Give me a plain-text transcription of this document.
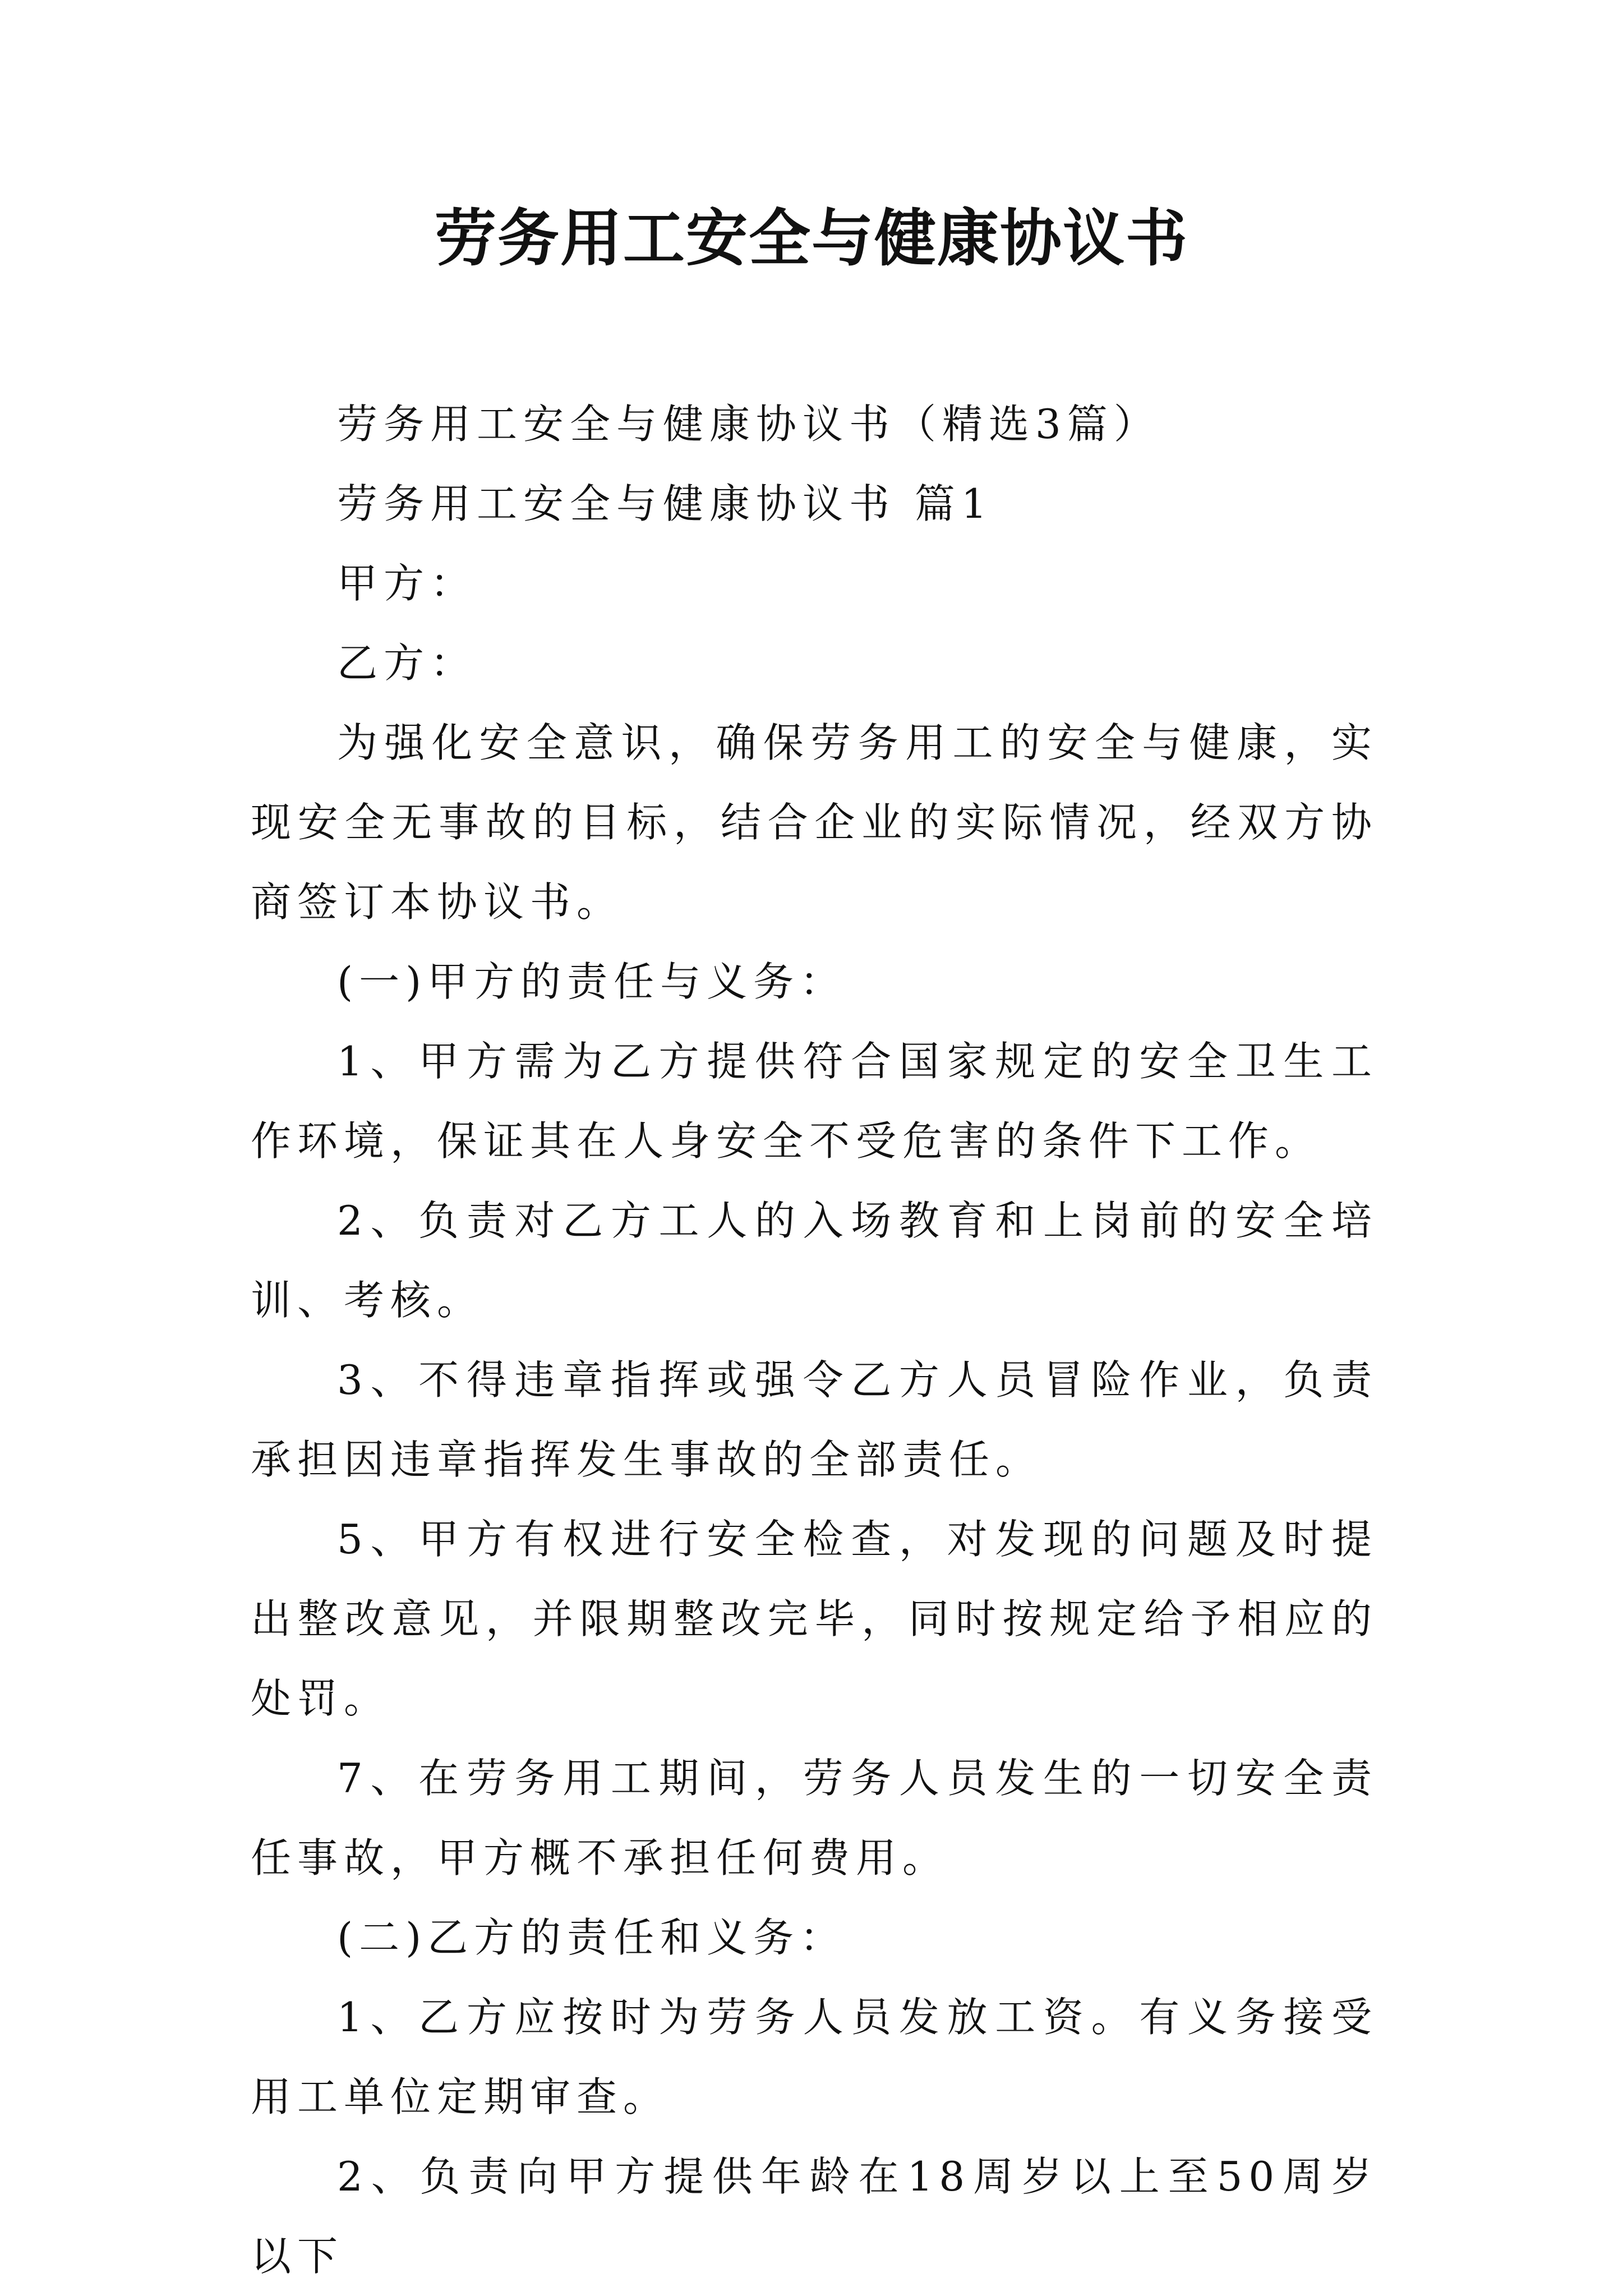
劳务用工安全与健康协议书

劳务用工安全与健康协议书（精选3篇）

劳务用工安全与健康协议书 篇1

甲方：

乙方：

为强化安全意识，确保劳务用工的安全与健康，实现安全无事故的目标，结合企业的实际情况，经双方协商签订本协议书。

(一)甲方的责任与义务：

1、甲方需为乙方提供符合国家规定的安全卫生工作环境，保证其在人身安全不受危害的条件下工作。

2、负责对乙方工人的入场教育和上岗前的安全培训、考核。

3、不得违章指挥或强令乙方人员冒险作业，负责承担因违章指挥发生事故的全部责任。

5、甲方有权进行安全检查，对发现的问题及时提出整改意见，并限期整改完毕，同时按规定给予相应的处罚。

7、在劳务用工期间，劳务人员发生的一切安全责任事故，甲方概不承担任何费用。

(二)乙方的责任和义务：

1、乙方应按时为劳务人员发放工资。有义务接受用工单位定期审查。

2、负责向甲方提供年龄在18周岁以上至50周岁以下
